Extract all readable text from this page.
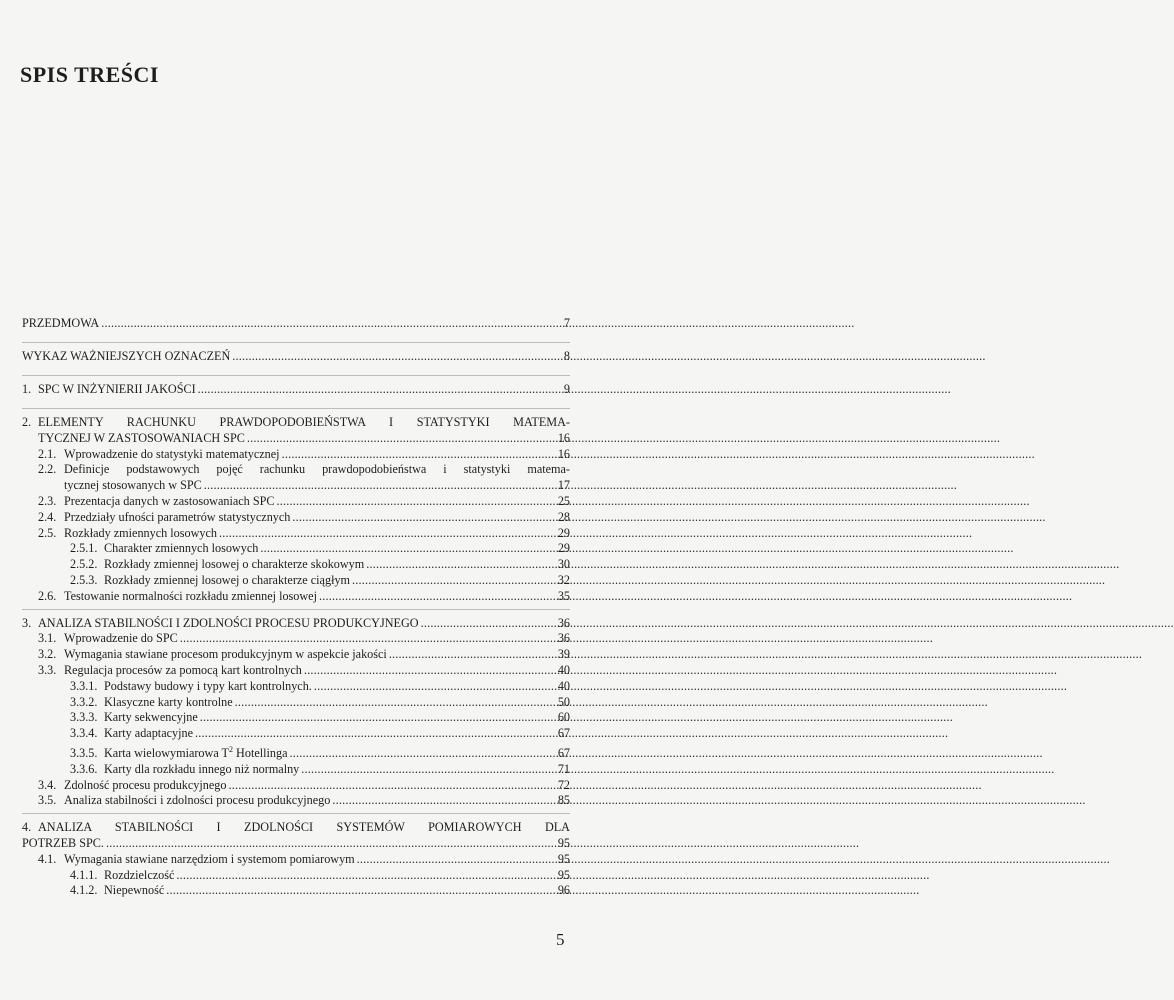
SPIS TREŚCI
PRZEDMOWA .....	7
WYKAZ WAŻNIEJSZYCH OZNACZEŃ .....	8
1. SPC W INŻYNIERII JAKOŚCI .....	9
2. ELEMENTY RACHUNKU PRAWDOPODOBIEŃSTWA I STATYSTYKI MATEMA-
TYCZNEJ W ZASTOSOWANIACH SPC .....	16
2.1. Wprowadzenie do statystyki matematycznej .....	16
2.2. Definicje podstawowych pojęć rachunku prawdopodobieństwa i statystyki matema-
tycznej stosowanych w SPC .....	17
2.3. Prezentacja danych w zastosowaniach SPC .....	25
2.4. Przedziały ufności parametrów statystycznych .....	28
2.5. Rozkłady zmiennych losowych .....	29
2.5.1. Charakter zmiennych losowych .....	29
2.5.2. Rozkłady zmiennej losowej o charakterze skokowym .....	30
2.5.3. Rozkłady zmiennej losowej o charakterze ciągłym .....	32
2.6. Testowanie normalności rozkładu zmiennej losowej .....	35
3. ANALIZA STABILNOŚCI I ZDOLNOŚCI PROCESU PRODUKCYJNEGO .....	36
3.1. Wprowadzenie do SPC .....	36
3.2. Wymagania stawiane procesom produkcyjnym w aspekcie jakości .....	39
3.3. Regulacja procesów za pomocą kart kontrolnych .....	40
3.3.1. Podstawy budowy i typy kart kontrolnych. .....	40
3.3.2. Klasyczne karty kontrolne .....	50
3.3.3. Karty sekwencyjne .....	60
3.3.4. Karty adaptacyjne .....	67
3.3.5. Karta wielowymiarowa $T^2$ Hotellinga .....	67
3.3.6. Karty dla rozkładu innego niż normalny .....	71
3.4. Zdolność procesu produkcyjnego .....	72
3.5. Analiza stabilności i zdolności procesu produkcyjnego .....	85
4. ANALIZA STABILNOŚCI I ZDOLNOŚCI SYSTEMÓW POMIAROWYCH DLA
POTRZEB SPC. .....	95
4.1. Wymagania stawiane narzędziom i systemom pomiarowym .....	95
4.1.1. Rozdzielczość .....	95
4.1.2. Niepewność .....	96
5
